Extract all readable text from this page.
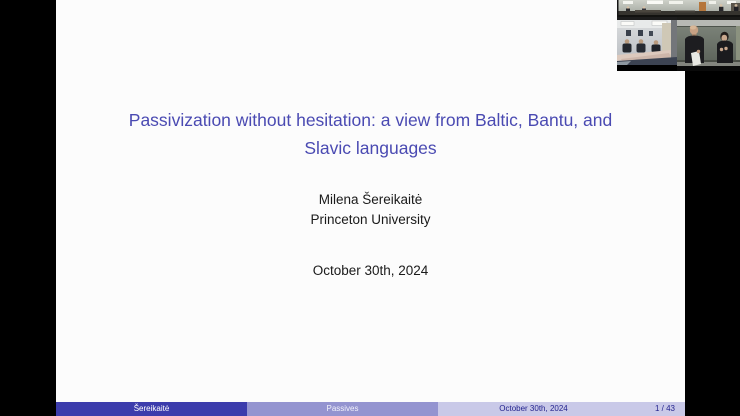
Passivization without hesitation: a view from Baltic, Bantu, and
Slavic languages
Milena Šereikaitė
Princeton University
October 30th, 2024
Šereikaitė	Passives	October 30th, 2024	1 / 43
